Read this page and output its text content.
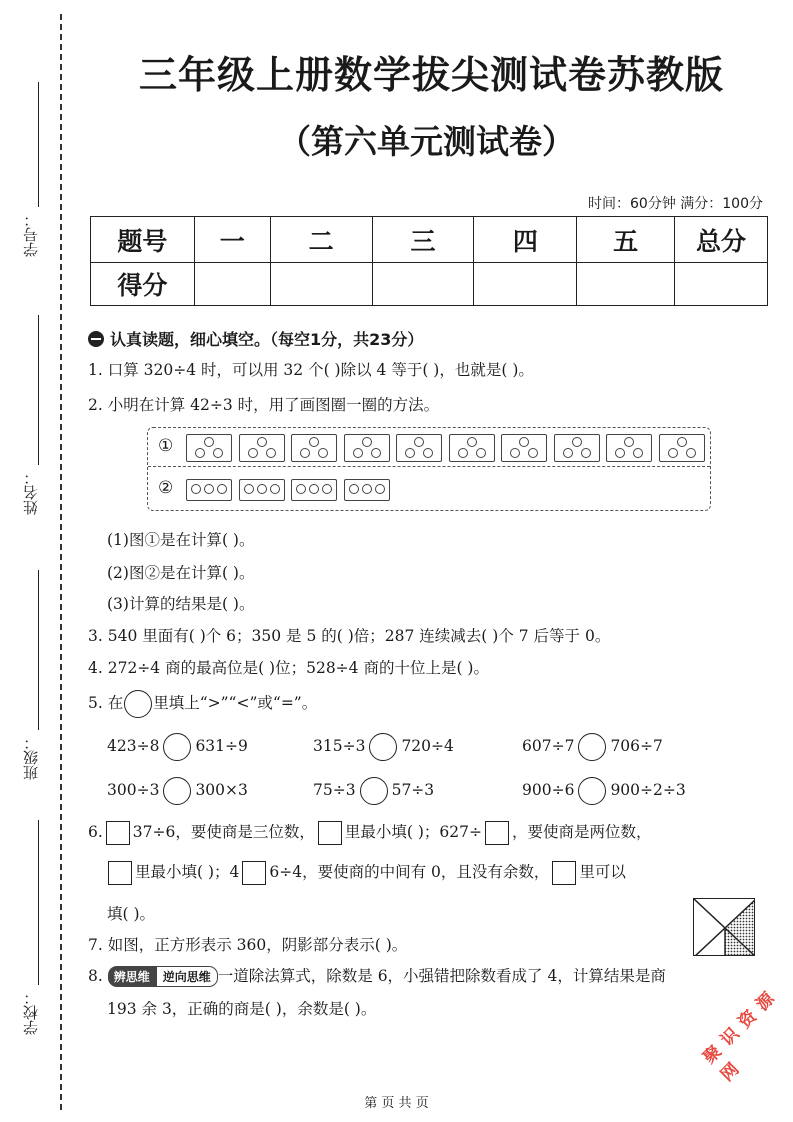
学号：
姓名：
班级：
学校：
三年级上册数学拔尖测试卷苏教版
（第六单元测试卷）
时间：60分钟 满分：100分
题号	一	二	三	四	五	总分
得分						
认真读题，细心填空。（每空1分，共23分）
1. 口算 320÷4 时，可以用 32 个( )除以 4 等于( )，也就是( )。
2. 小明在计算 42÷3 时，用了画图圈一圈的方法。
①
②
(1)图①是在计算( )。
(2)图②是在计算( )。
(3)计算的结果是( )。
3. 540 里面有( )个 6；350 是 5 的( )倍；287 连续减去( )个 7 后等于 0。
4. 272÷4 商的最高位是( )位；528÷4 商的十位上是( )。
5. 在 里填上“>”“<”或“=”。
423÷8 631÷9	315÷3 720÷4	607÷7 706÷7
300÷3 300×3	75÷3 57÷3	900÷6 900÷2÷3
6. 37÷6，要使商是三位数， 里最小填( )；627÷ ，要使商是两位数，
里最小填( )；4 6÷4，要使商的中间有 0，且没有余数， 里可以
填( )。
7. 如图，正方形表示 360，阴影部分表示( )。
8. 辨思维 逆向思维 一道除法算式，除数是 6，小强错把除数看成了 4，计算结果是商
193 余 3，正确的商是( )，余数是( )。	聚 识 资 源 网
第 页 共 页
